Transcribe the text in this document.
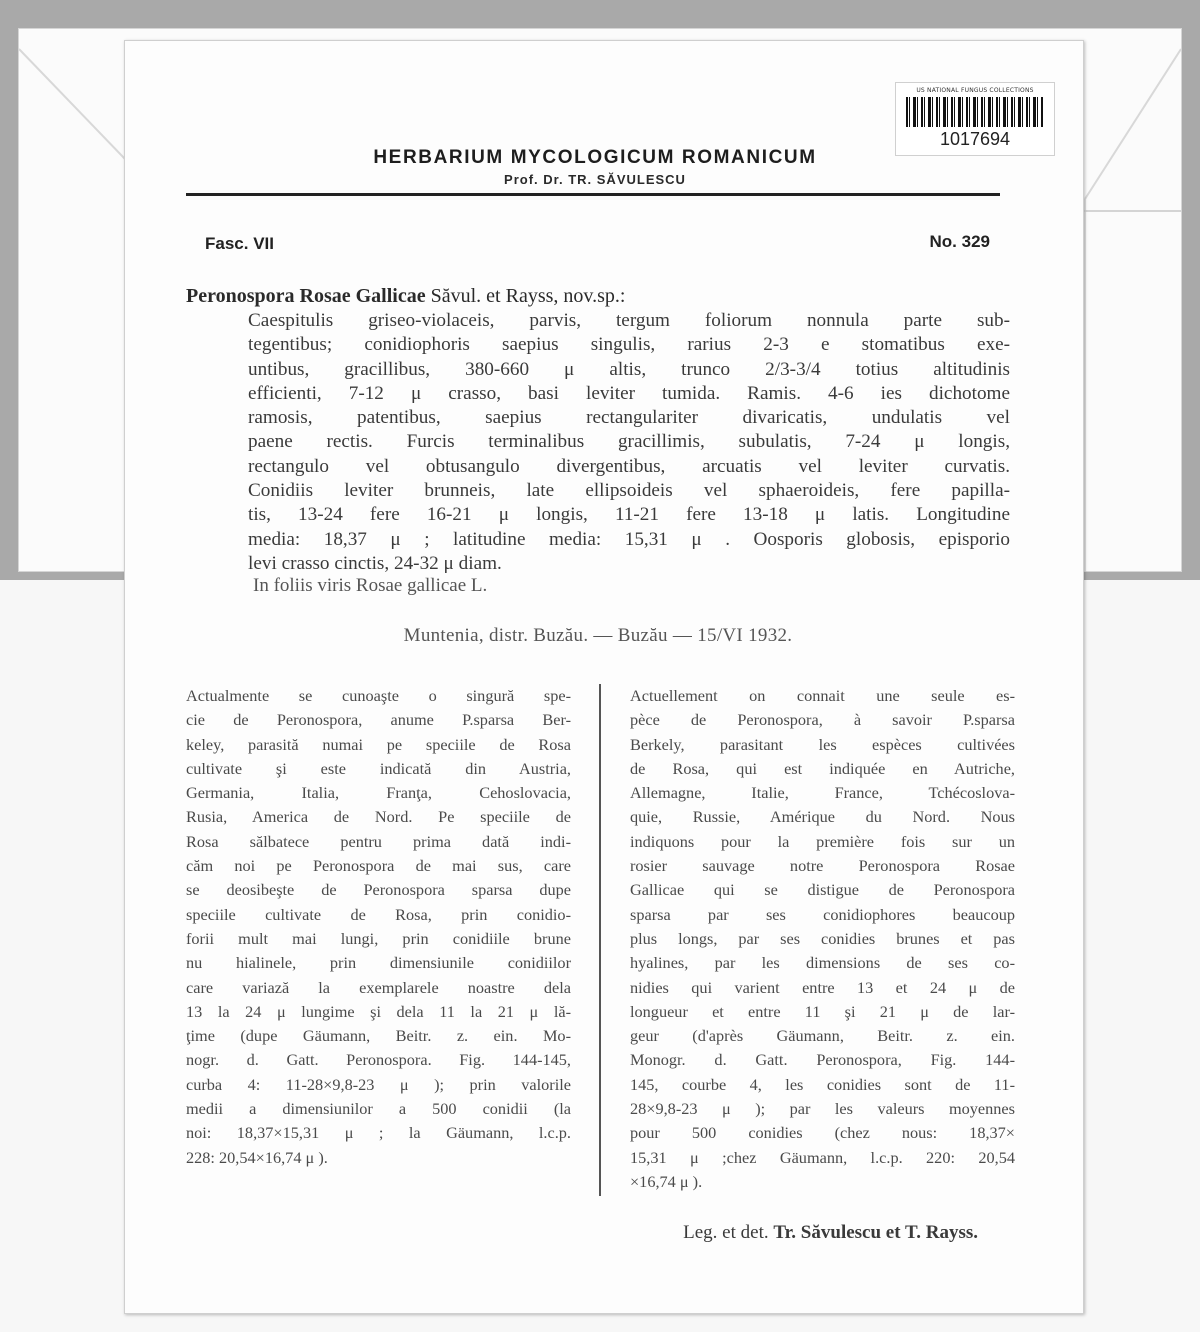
US NATIONAL FUNGUS COLLECTIONS
1017694
HERBARIUM MYCOLOGICUM ROMANICUM
Prof. Dr. TR. SĂVULESCU
Fasc. VII	No. 329
Peronospora Rosae Gallicae Săvul. et Rayss, nov.sp.:
Caespitulis griseo-violaceis, parvis, tergum foliorum nonnula parte sub-
tegentibus; conidiophoris saepius singulis, rarius 2-3 e stomatibus exe-
untibus, gracillibus, 380-660 μ altis, trunco 2/3-3/4 totius altitudinis
efficienti, 7-12 μ crasso, basi leviter tumida. Ramis. 4-6 ies dichotome
ramosis, patentibus, saepius rectangulariter divaricatis, undulatis vel
paene rectis. Furcis terminalibus gracillimis, subulatis, 7-24 μ longis,
rectangulo vel obtusangulo divergentibus, arcuatis vel leviter curvatis.
Conidiis leviter brunneis, late ellipsoideis vel sphaeroideis, fere papilla-
tis, 13-24 fere 16-21 μ longis, 11-21 fere 13-18 μ latis. Longitudine
media: 18,37 μ ; latitudine media: 15,31 μ . Oosporis globosis, episporio
levi crasso cinctis, 24-32 μ diam.
In foliis viris Rosae gallicae L.
Muntenia, distr. Buzău. — Buzău — 15/VI 1932.
Actualmente se cunoaşte o singură spe-
cie de Peronospora, anume P.sparsa Ber-
keley, parasită numai pe speciile de Rosa
cultivate şi este indicată din Austria,
Germania, Italia, Franţa, Cehoslovacia,
Rusia, America de Nord. Pe speciile de
Rosa sălbatece pentru prima dată indi-
căm noi pe Peronospora de mai sus, care
se deosibeşte de Peronospora sparsa dupe
speciile cultivate de Rosa, prin conidio-
forii mult mai lungi, prin conidiile brune
nu hialinele, prin dimensiunile conidiilor
care variază la exemplarele noastre dela
13 la 24 μ lungime şi dela 11 la 21 μ lă-
ţime (dupe Gäumann, Beitr. z. ein. Mo-
nogr. d. Gatt. Peronospora. Fig. 144-145,
curba 4: 11-28×9,8-23 μ ); prin valorile
medii a dimensiunilor a 500 conidii (la
noi: 18,37×15,31 μ ; la Gäumann, l.c.p.
228: 20,54×16,74 μ ).
Actuellement on connait une seule es-
pèce de Peronospora, à savoir P.sparsa
Berkely, parasitant les espèces cultivées
de Rosa, qui est indiquée en Autriche,
Allemagne, Italie, France, Tchécoslova-
quie, Russie, Amérique du Nord. Nous
indiquons pour la première fois sur un
rosier sauvage notre Peronospora Rosae
Gallicae qui se distigue de Peronospora
sparsa par ses conidiophores beaucoup
plus longs, par ses conidies brunes et pas
hyalines, par les dimensions de ses co-
nidies qui varient entre 13 et 24 μ de
longueur et entre 11 şi 21 μ de lar-
geur (d'après Gäumann, Beitr. z. ein.
Monogr. d. Gatt. Peronospora, Fig. 144-
145, courbe 4, les conidies sont de 11-
28×9,8-23 μ ); par les valeurs moyennes
pour 500 conidies (chez nous: 18,37×
15,31 μ ;chez Gäumann, l.c.p. 220: 20,54
×16,74 μ ).
Leg. et det. Tr. Săvulescu et T. Rayss.
